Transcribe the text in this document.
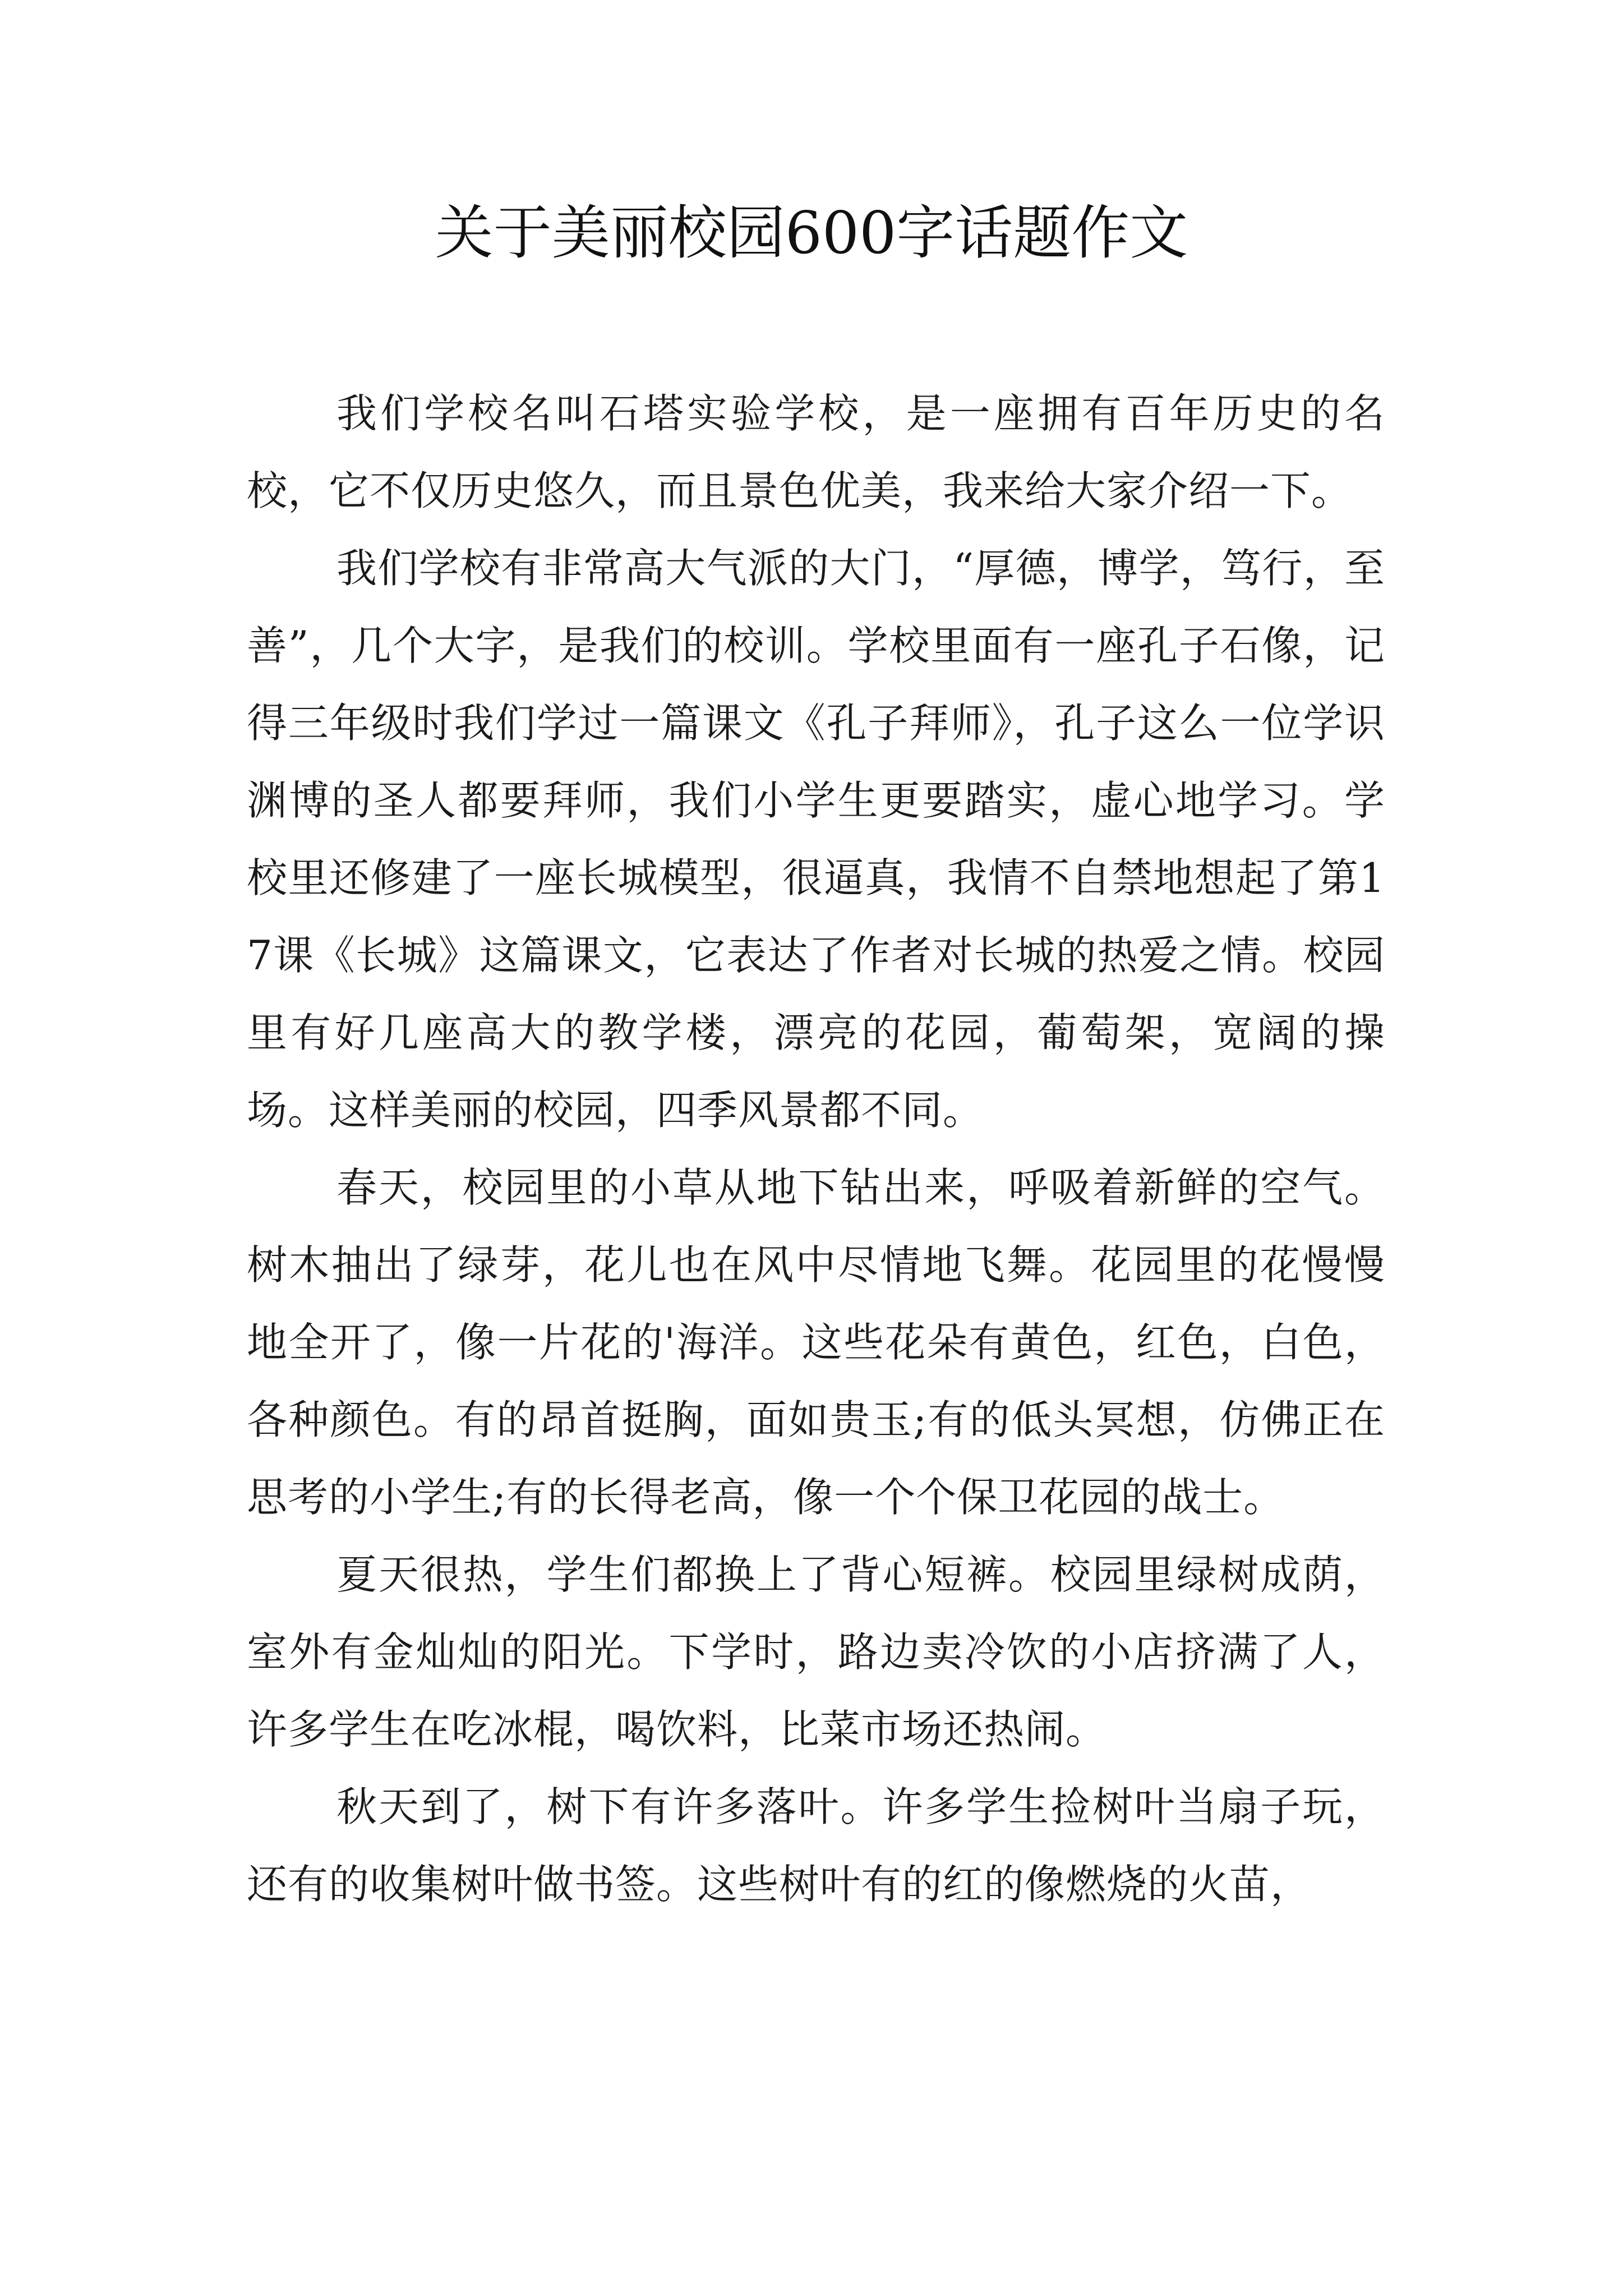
关于美丽校园600字话题作文

我们学校名叫石塔实验学校，是一座拥有百年历史的名校，它不仅历史悠久，而且景色优美，我来给大家介绍一下。

我们学校有非常高大气派的大门，“厚德，博学，笃行，至善”，几个大字，是我们的校训。学校里面有一座孔子石像，记得三年级时我们学过一篇课文《孔子拜师》，孔子这么一位学识渊博的圣人都要拜师，我们小学生更要踏实，虚心地学习。学校里还修建了一座长城模型，很逼真，我情不自禁地想起了第17课《长城》这篇课文，它表达了作者对长城的热爱之情。校园里有好几座高大的教学楼，漂亮的花园，葡萄架，宽阔的操场。这样美丽的校园，四季风景都不同。

春天，校园里的小草从地下钻出来，呼吸着新鲜的空气。树木抽出了绿芽，花儿也在风中尽情地飞舞。花园里的花慢慢地全开了，像一片花的'海洋。这些花朵有黄色，红色，白色，各种颜色。有的昂首挺胸，面如贵玉;有的低头冥想，仿佛正在思考的小学生;有的长得老高，像一个个保卫花园的战士。

夏天很热，学生们都换上了背心短裤。校园里绿树成荫，室外有金灿灿的阳光。下学时，路边卖冷饮的小店挤满了人，许多学生在吃冰棍，喝饮料，比菜市场还热闹。

秋天到了，树下有许多落叶。许多学生捡树叶当扇子玩，还有的收集树叶做书签。这些树叶有的红的像燃烧的火苗，
